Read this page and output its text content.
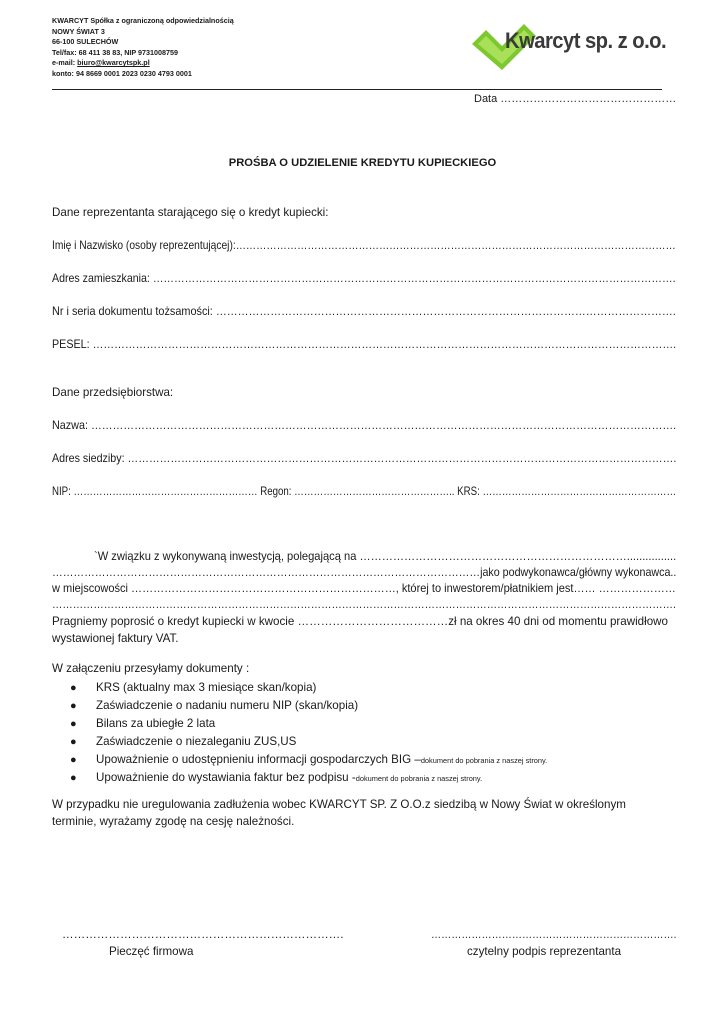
KWARCYT Spółka z ograniczoną odpowiedzialnością
NOWY ŚWIAT 3
66-100 SULECHÓW
Tel/fax: 68 411 38 83, NIP 9731008759
e-mail: biuro@kwarcytspk.pl
konto: 94 8669 0001 2023 0230 4793 0001
Kwarcyt sp. z o.o.
Data …………………………………………
PROŚBA O UDZIELENIE KREDYTU KUPIECKIEGO
Dane reprezentanta starającego się o kredyt kupiecki:
Imię i Nazwisko (osoby reprezentującej):…………………………………………………………………………………………………………………
Adres zamieszkania: ………………………………………………………………………………………………………………………………….
Nr i seria dokumentu tożsamości: ……………………………………………………………………………………………………………….
PESEL: ……………………………………………………………………………………………………………………………………………….
Dane przedsiębiorstwa:
Nazwa: ……………………………………………………………………………………………………………………………………………….
Adres siedziby: ……………………………………………………………………………………………………………………………………….
NIP: ………………………………………………… Regon: ………………………………………….. KRS: ……………………………………………………
`W związku z wykonywaną inwestycją, polegającą na ………………………………………………………………................
…………………………………………………………………………………………………………jako podwykonawca/główny wykonawca..
w miejscowości ………………………………………………………………, której to inwestorem/płatnikiem jest…… …………………
……………………………………………………………………………………………………………………………………………………………….
Pragniemy poprosić o kredyt kupiecki w kwocie …………………………………zł na okres 40 dni od momentu prawidłowo wystawionej faktury VAT.
W załączeniu przesyłamy dokumenty :
●	KRS (aktualny max 3 miesiące skan/kopia)
●	Zaświadczenie o nadaniu numeru NIP (skan/kopia)
●	Bilans za ubiegłe 2 lata
●	Zaświadczenie o niezaleganiu ZUS,US
●	Upoważnienie o udostępnieniu informacji gospodarczych BIG – dokument do pobrania z naszej strony.
●	Upoważnienie do wystawiania faktur bez podpisu - dokument do pobrania z naszej strony.
W przypadku nie uregulowania zadłużenia wobec KWARCYT SP. Z O.O.z siedzibą w Nowy Świat w określonym terminie, wyrażamy zgodę na cesję należności.
……………………………………………………………….
Pieczęć firmowa
……………………………………………………………….
czytelny podpis reprezentanta
